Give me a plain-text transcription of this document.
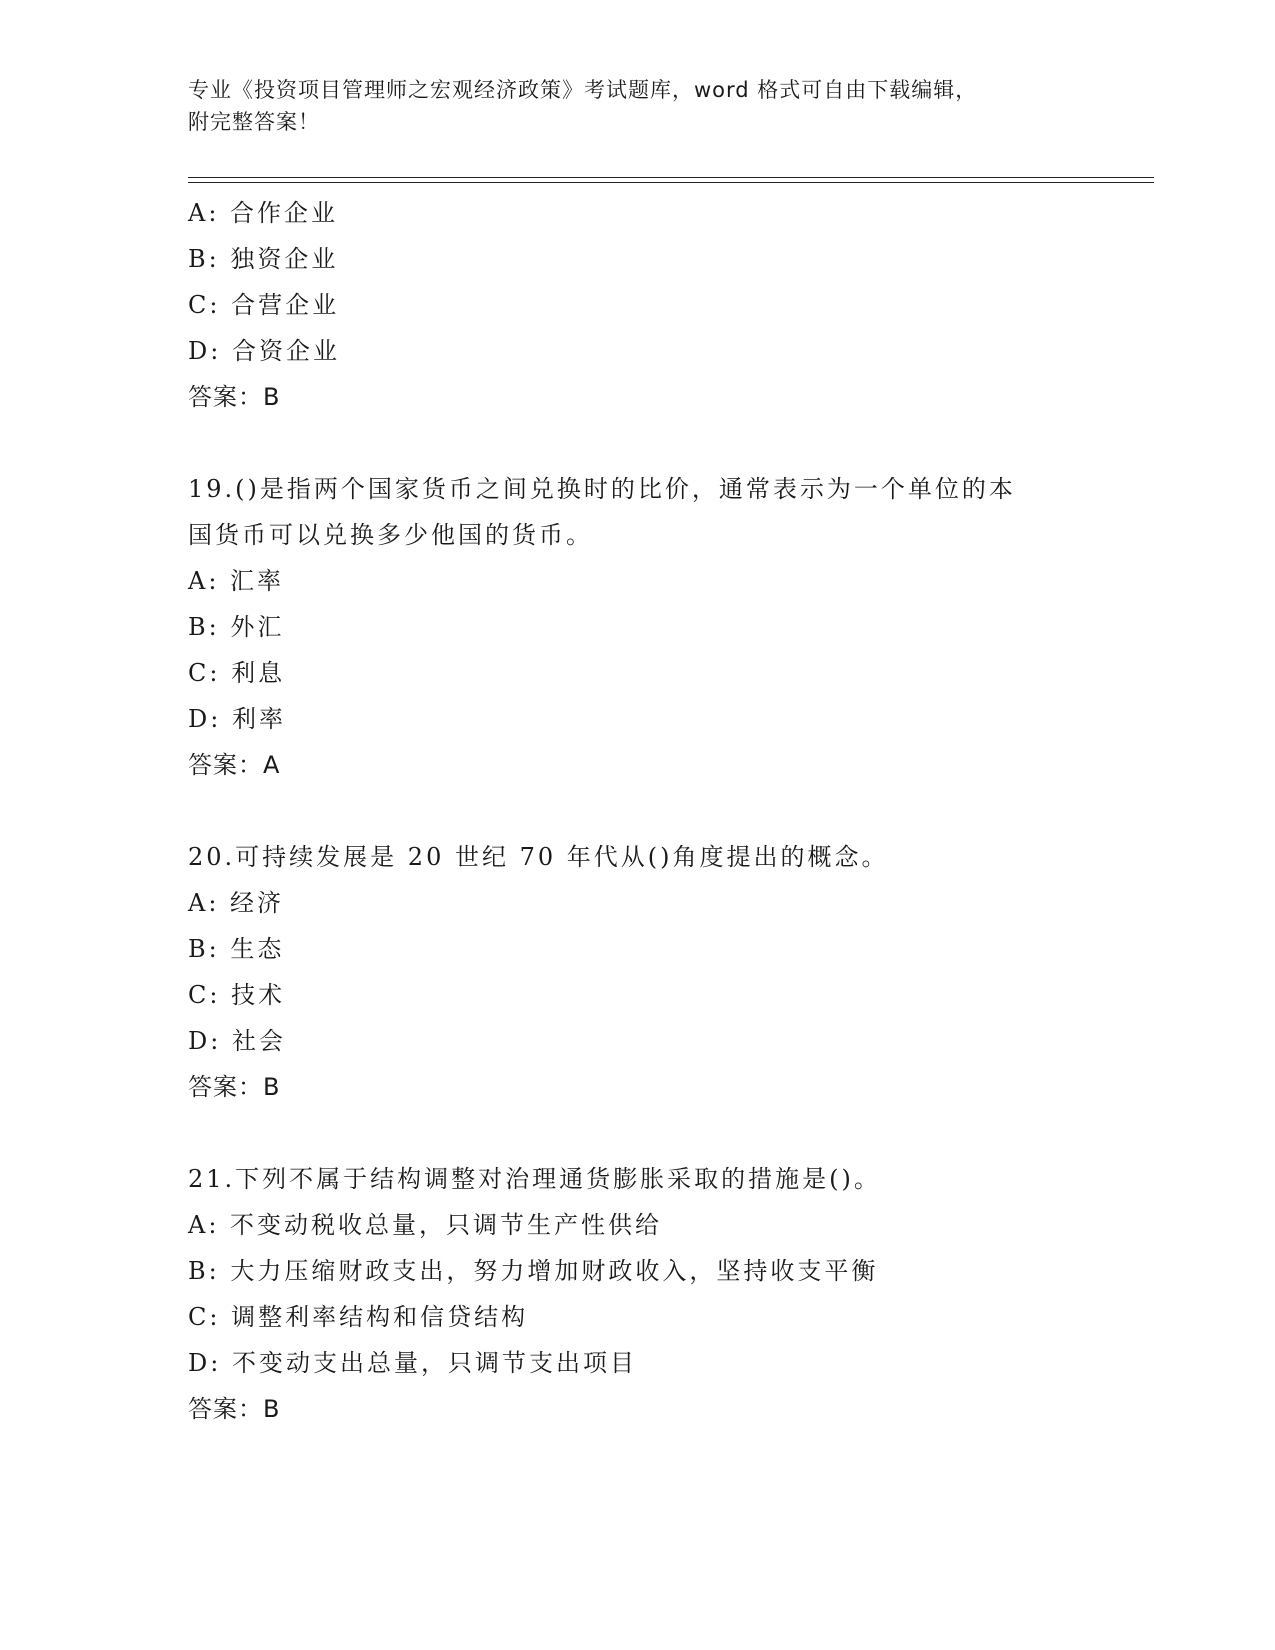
专业《投资项目管理师之宏观经济政策》考试题库，word 格式可自由下载编辑，
附完整答案！
A: 合作企业
B: 独资企业
C: 合营企业
D: 合资企业
答案：B
19.()是指两个国家货币之间兑换时的比价，通常表示为一个单位的本
国货币可以兑换多少他国的货币。
A: 汇率
B: 外汇
C: 利息
D: 利率
答案：A
20.可持续发展是 20 世纪 70 年代从()角度提出的概念。
A: 经济
B: 生态
C: 技术
D: 社会
答案：B
21.下列不属于结构调整对治理通货膨胀采取的措施是()。
A: 不变动税收总量，只调节生产性供给
B: 大力压缩财政支出，努力增加财政收入，坚持收支平衡
C: 调整利率结构和信贷结构
D: 不变动支出总量，只调节支出项目
答案：B
